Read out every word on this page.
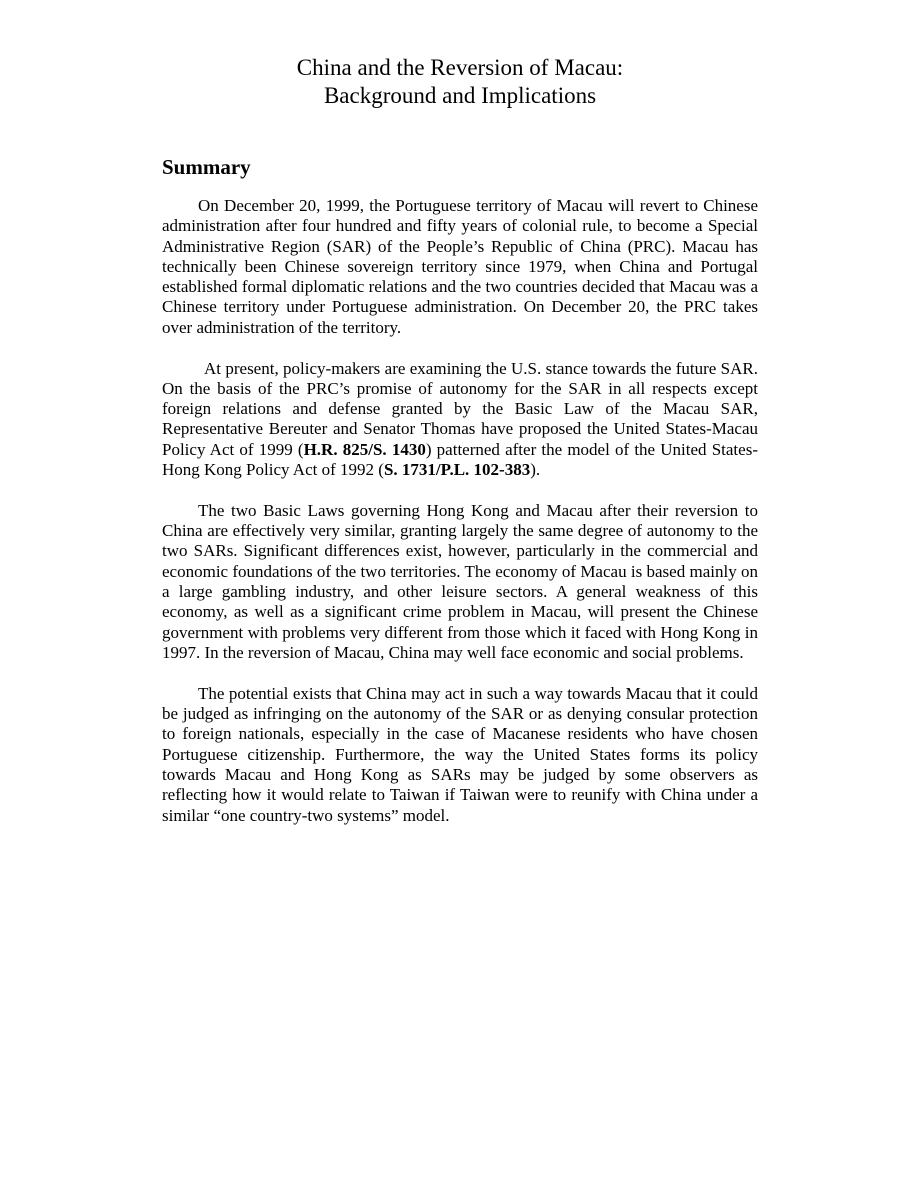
China and the Reversion of Macau:
Background and Implications
Summary

On December 20, 1999, the Portuguese territory of Macau will revert to Chinese administration after four hundred and fifty years of colonial rule, to become a Special Administrative Region (SAR) of the People’s Republic of China (PRC). Macau has technically been Chinese sovereign territory since 1979, when China and Portugal established formal diplomatic relations and the two countries decided that Macau was a Chinese territory under Portuguese administration. On December 20, the PRC takes over administration of the territory.

At present, policy-makers are examining the U.S. stance towards the future SAR. On the basis of the PRC’s promise of autonomy for the SAR in all respects except foreign relations and defense granted by the Basic Law of the Macau SAR, Representative Bereuter and Senator Thomas have proposed the United States-Macau Policy Act of 1999 (H.R. 825/S. 1430) patterned after the model of the United States-Hong Kong Policy Act of 1992 (S. 1731/P.L. 102-383).

The two Basic Laws governing Hong Kong and Macau after their reversion to China are effectively very similar, granting largely the same degree of autonomy to the two SARs. Significant differences exist, however, particularly in the commercial and economic foundations of the two territories. The economy of Macau is based mainly on a large gambling industry, and other leisure sectors. A general weakness of this economy, as well as a significant crime problem in Macau, will present the Chinese government with problems very different from those which it faced with Hong Kong in 1997. In the reversion of Macau, China may well face economic and social problems.

The potential exists that China may act in such a way towards Macau that it could be judged as infringing on the autonomy of the SAR or as denying consular protection to foreign nationals, especially in the case of Macanese residents who have chosen Portuguese citizenship. Furthermore, the way the United States forms its policy towards Macau and Hong Kong as SARs may be judged by some observers as reflecting how it would relate to Taiwan if Taiwan were to reunify with China under a similar “one country-two systems” model.
